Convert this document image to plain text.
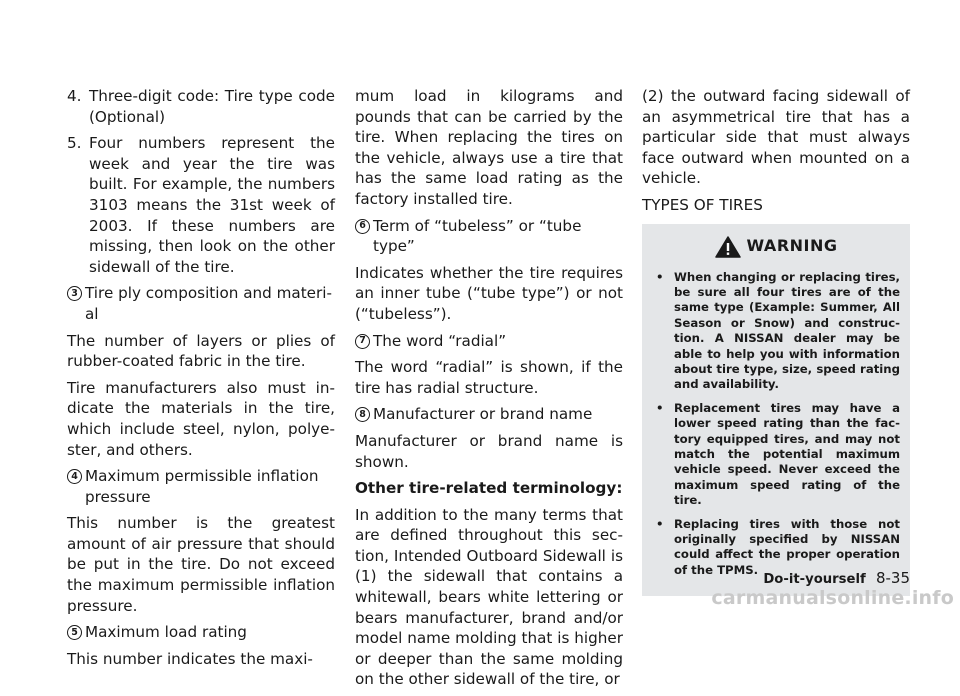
4. Three-digit code: Tire type code (Optional)
5. Four numbers represent the week and year the tire was built. For example, the numbers 3103 means the 31st week of 2003. If these numbers are missing, then look on the other sidewall of the tire.
3 Tire ply composition and materi- al

The number of layers or plies of rubber-coated fabric in the tire.

Tire manufacturers also must in- dicate the materials in the tire, which include steel, nylon, polye- ster, and others.

4 Maximum permissible inflation pressure

This number is the greatest amount of air pressure that should be put in the tire. Do not exceed the maximum permissible inflation pressure.

5 Maximum load rating

This number indicates the maxi-

mum load in kilograms and pounds that can be carried by the tire. When replacing the tires on the vehicle, always use a tire that has the same load rating as the factory installed tire.

6 Term of “tubeless” or “tube type”

Indicates whether the tire requires an inner tube (“tube type”) or not (“tubeless”).

7 The word “radial”

The word “radial” is shown, if the tire has radial structure.

8 Manufacturer or brand name

Manufacturer or brand name is shown.

Other tire-related terminology:

In addition to the many terms that are defined throughout this sec- tion, Intended Outboard Sidewall is (1) the sidewall that contains a whitewall, bears white lettering or bears manufacturer, brand and/or model name molding that is higher or deeper than the same molding on the other sidewall of the tire, or

(2) the outward facing sidewall of an asymmetrical tire that has a particular side that must always face outward when mounted on a vehicle.

TYPES OF TIRES

WARNING
• When changing or replacing tires, be sure all four tires are of the same type (Example: Summer, All Season or Snow) and construc- tion. A NISSAN dealer may be able to help you with information about tire type, size, speed rating and availability.
• Replacement tires may have a lower speed rating than the fac- tory equipped tires, and may not match the potential maximum vehicle speed. Never exceed the maximum speed rating of the tire.
• Replacing tires with those not originally specified by NISSAN could affect the proper operation of the TPMS.
Do-it-yourself 8-35
carmanualsonline.info
